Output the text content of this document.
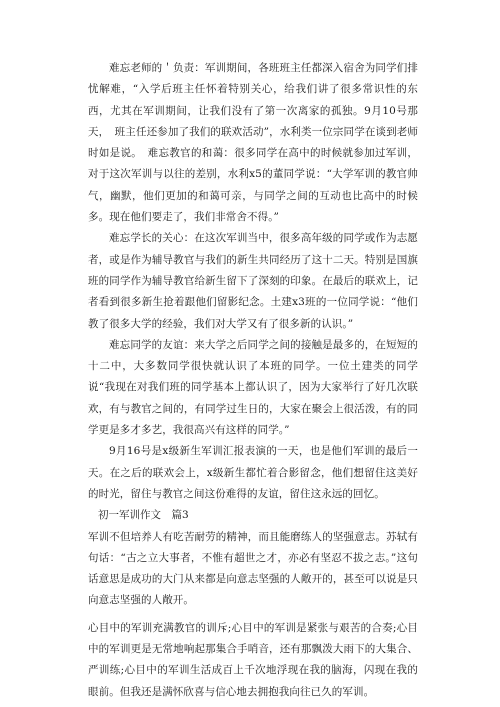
难忘老师的＇负责：军训期间，各班班主任都深入宿舍为同学们排忧解难，“入学后班主任怀着特别关心，给我们讲了很多常识性的东西，尤其在军训期间，让我们没有了第一次离家的孤独。9月10号那天，　班主任还参加了我们的联欢活动”，水利类一位宗同学在谈到老师时如是说。　难忘教官的和蔼：很多同学在高中的时候就参加过军训，对于这次军训与以往的差别，水利x5的董同学说：“大学军训的教官帅气，幽默，他们更加的和蔼可亲，与同学之间的互动也比高中的时候多。现在他们要走了，我们非常舍不得。”

难忘学长的关心：在这次军训当中，很多高年级的同学或作为志愿者，或是作为辅导教官与我们的新生共同经历了这十二天。特别是国旗班的同学作为辅导教官给新生留下了深刻的印象。在最后的联欢上，记者看到很多新生抢着跟他们留影纪念。土建x3班的一位同学说：“他们教了很多大学的经验，我们对大学又有了很多新的认识。”

难忘同学的友谊：来大学之后同学之间的接触是最多的，在短短的十二中，大多数同学很快就认识了本班的同学。一位土建类的同学说“我现在对我们班的同学基本上都认识了，因为大家举行了好几次联欢，有与教官之间的，有同学过生日的，大家在聚会上很活泼，有的同学更是多才多艺，我很高兴有这样的同学。”

9月16号是x级新生军训汇报表演的一天，也是他们军训的最后一天。在之后的联欢会上，x级新生都忙着合影留念，他们想留住这美好的时光，留住与教官之间这份难得的友谊，留住这永远的回忆。

初一军训作文　篇3

军训不但培养人有吃苦耐劳的精神，而且能磨练人的坚强意志。苏轼有句话：“古之立大事者，不惟有超世之才，亦必有坚忍不拔之志。”这句话意思是成功的大门从来都是向意志坚强的人敞开的，甚至可以说是只向意志坚强的人敞开。

心目中的军训充满教官的训斥;心目中的军训是紧张与艰苦的合奏;心目中的军训更是无常地响起那集合手哨音，还有那飘泼大雨下的大集合、严训练;心目中的军训生活成百上千次地浮现在我的脑海，闪现在我的眼前。但我还是满怀欣喜与信心地去拥抱我向往已久的军训。
